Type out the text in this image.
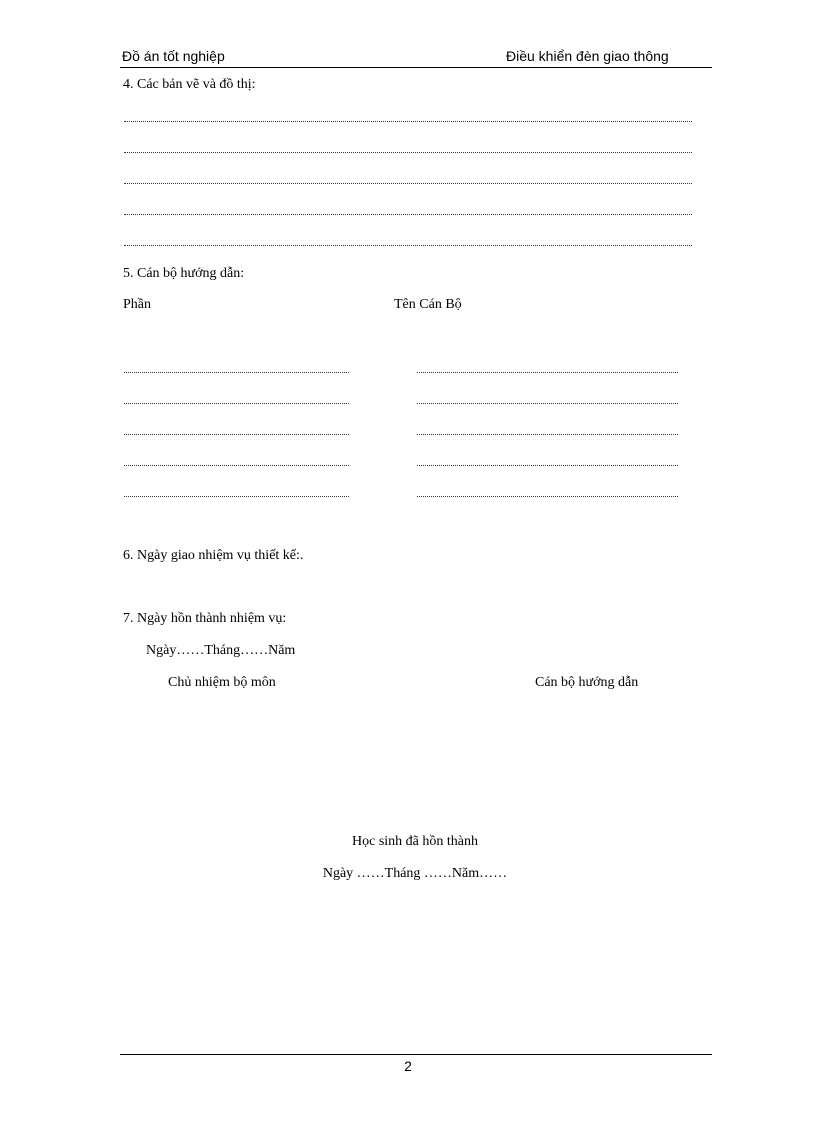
Đồ án tốt nghiệp	Điều khiển đèn giao thông
4. Các bản vẽ và đồ thị:
5. Cán bộ hướng dẫn:
Phần	Tên Cán Bộ
6. Ngày giao nhiệm vụ thiết kế:.
7. Ngày hồn thành nhiệm vụ:
Ngày……Tháng……Năm
Chủ nhiệm bộ môn	Cán bộ hướng dẫn
Học sinh đã hồn thành
Ngày ……Tháng ……Năm……
2
